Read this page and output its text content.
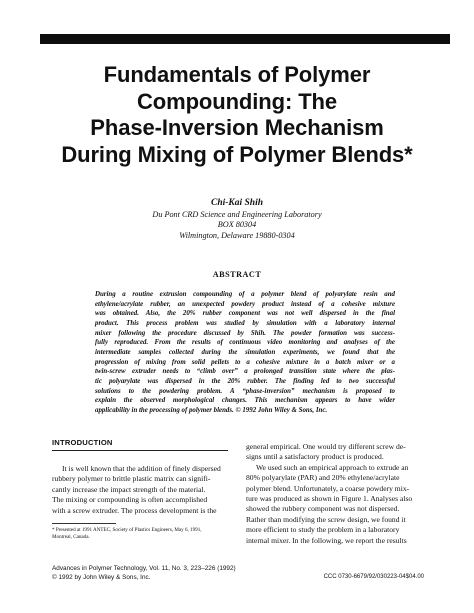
Fundamentals of Polymer
Compounding: The
Phase-Inversion Mechanism
During Mixing of Polymer Blends*
Chi-Kai Shih
Du Pont CRD Science and Engineering Laboratory
BOX 80304
Wilmington, Delaware 19880-0304
ABSTRACT
During a routine extrusion compounding of a polymer blend of polyarylate resin and
ethylene/acrylate rubber, an unexpected powdery product instead of a cohesive mixture
was obtained. Also, the 20% rubber component was not well dispersed in the final
product. This process problem was studied by simulation with a laboratory internal
mixer following the procedure discussed by Shih. The powder formation was success-
fully reproduced. From the results of continuous video monitoring and analyses of the
intermediate samples collected during the simulation experiments, we found that the
progression of mixing from solid pellets to a cohesive mixture in a batch mixer or a
twin-screw extruder needs to “climb over” a prolonged transition state where the plas-
tic polyarylate was dispersed in the 20% rubber. The finding led to two successful
solutions to the powdering problem. A “phase-inversion” mechanism is proposed to
explain the observed morphological changes. This mechanism appears to have wider
applicability in the processing of polymer blends. © 1992 John Wiley & Sons, Inc.
INTRODUCTION
It is well known that the addition of finely dispersed
rubbery polymer to brittle plastic matrix can signifi-
cantly increase the impact strength of the material.
The mixing or compounding is often accomplished
with a screw extruder. The process development is the
* Presented at 1991 ANTEC, Society of Plastics Engineers, May 6, 1991,
Montreal, Canada.
general empirical. One would try different screw de-
signs until a satisfactory product is produced.
We used such an empirical approach to extrude an
80% polyarylate (PAR) and 20% ethylene/acrylate
polymer blend. Unfortunately, a coarse powdery mix-
ture was produced as shown in Figure 1. Analyses also
showed the rubbery component was not dispersed.
Rather than modifying the screw design, we found it
more efficient to study the problem in a laboratory
internal mixer. In the following, we report the results
Advances in Polymer Technology, Vol. 11, No. 3, 223–226 (1992)
© 1992 by John Wiley & Sons, Inc.	CCC 0730-6679/92/030223-04$04.00
